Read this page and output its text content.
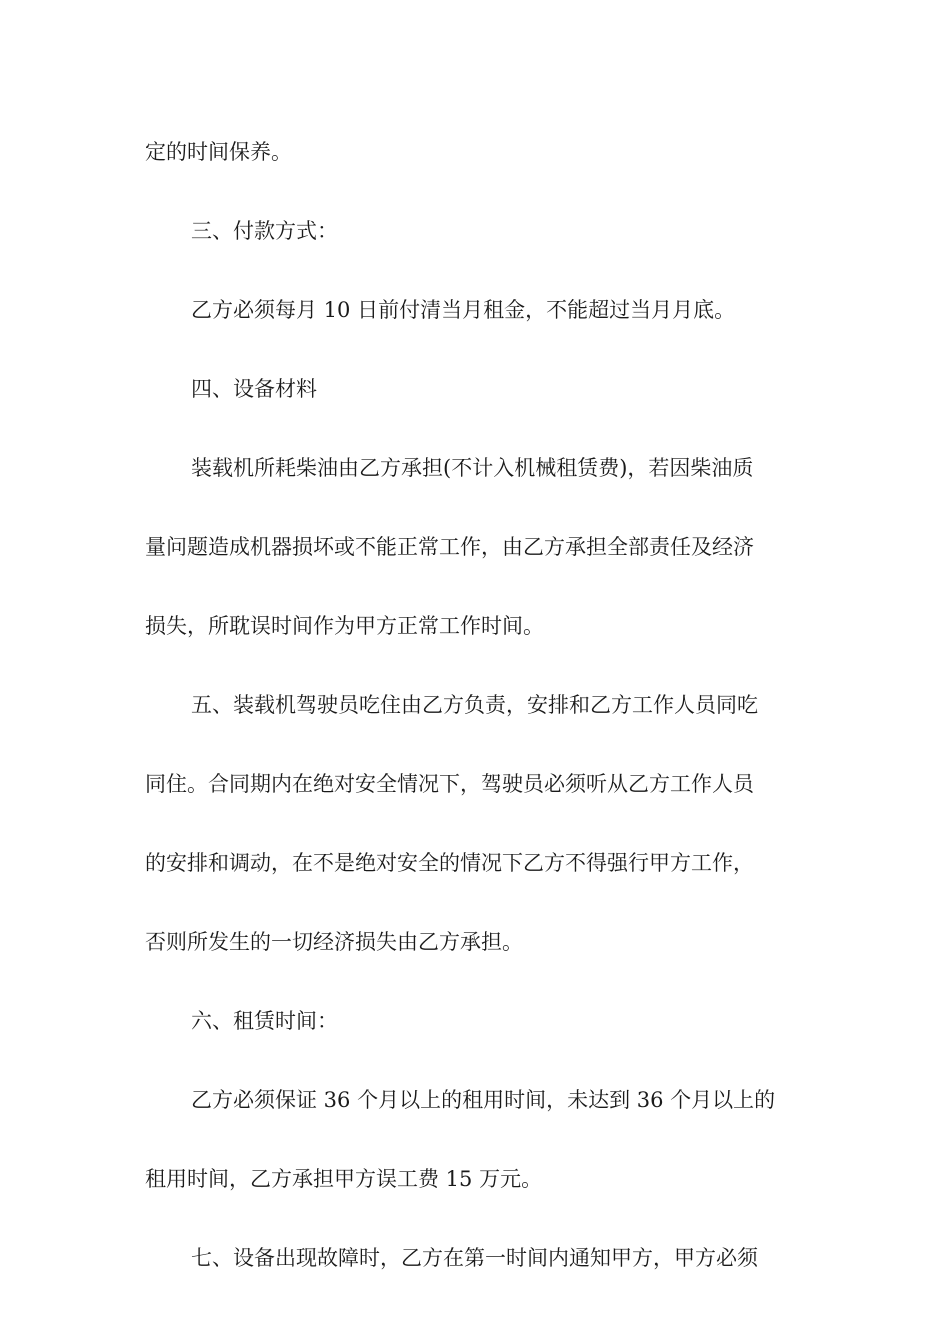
定的时间保养。
三、付款方式：
乙方必须每月 10 日前付清当月租金，不能超过当月月底。
四、设备材料
装载机所耗柴油由乙方承担(不计入机械租赁费)，若因柴油质
量问题造成机器损坏或不能正常工作，由乙方承担全部责任及经济
损失，所耽误时间作为甲方正常工作时间。
五、装载机驾驶员吃住由乙方负责，安排和乙方工作人员同吃
同住。合同期内在绝对安全情况下，驾驶员必须听从乙方工作人员
的安排和调动，在不是绝对安全的情况下乙方不得强行甲方工作，
否则所发生的一切经济损失由乙方承担。
六、租赁时间：
乙方必须保证 36 个月以上的租用时间，未达到 36 个月以上的
租用时间，乙方承担甲方误工费 15 万元。
七、设备出现故障时，乙方在第一时间内通知甲方，甲方必须
